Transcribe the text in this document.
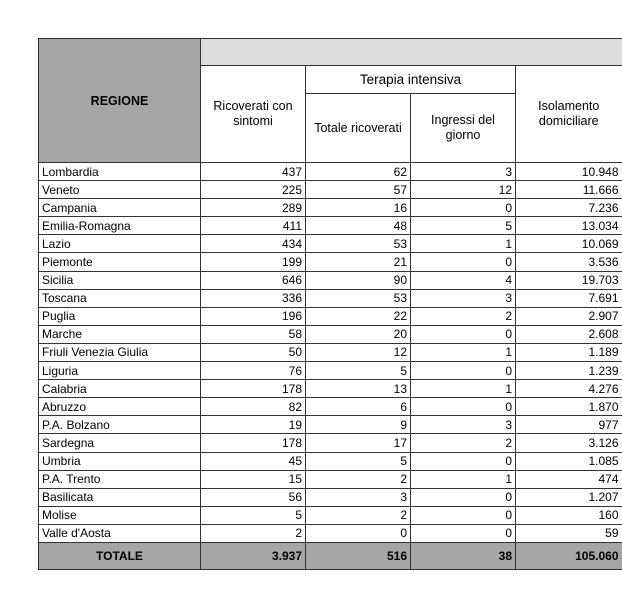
REGIONE				
	Ricoverati con sintomi	Terapia intensiva		Isolamento domiciliare
		Totale ricoverati	Ingressi del giorno	
Lombardia	437	62	3	10.948
Veneto	225	57	12	11.666
Campania	289	16	0	7.236
Emilia-Romagna	411	48	5	13.034
Lazio	434	53	1	10.069
Piemonte	199	21	0	3.536
Sicilia	646	90	4	19.703
Toscana	336	53	3	7.691
Puglia	196	22	2	2.907
Marche	58	20	0	2.608
Friuli Venezia Giulia	50	12	1	1.189
Liguria	76	5	0	1.239
Calabria	178	13	1	4.276
Abruzzo	82	6	0	1.870
P.A. Bolzano	19	9	3	977
Sardegna	178	17	2	3.126
Umbria	45	5	0	1.085
P.A. Trento	15	2	1	474
Basilicata	56	3	0	1.207
Molise	5	2	0	160
Valle d'Aosta	2	0	0	59
TOTALE	3.937	516	38	105.060
